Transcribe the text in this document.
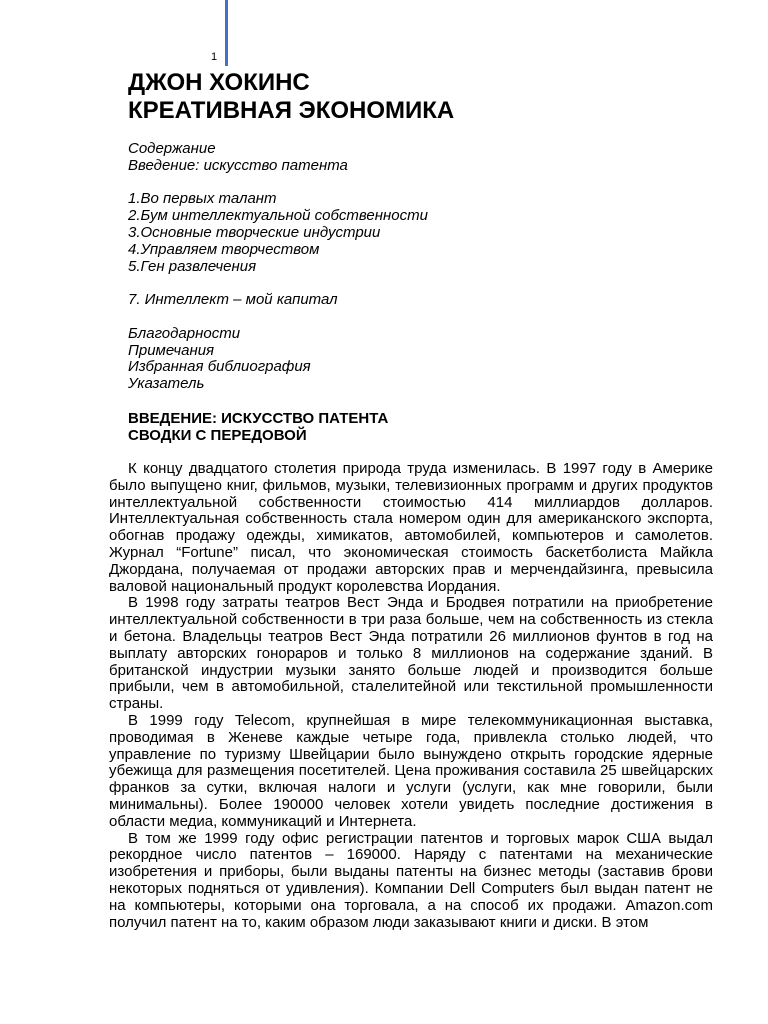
1
ДЖОН ХОКИНС
КРЕАТИВНАЯ ЭКОНОМИКА
Содержание
Введение: искусство патента
1.Во первых талант
2.Бум интеллектуальной собственности
3.Основные творческие индустрии
4.Управляем творчеством
5.Ген развлечения
7. Интеллект – мой капитал
Благодарности
Примечания
Избранная библиография
Указатель
ВВЕДЕНИЕ: ИСКУССТВО ПАТЕНТА
СВОДКИ С ПЕРЕДОВОЙ

К концу двадцатого столетия природа труда изменилась. В 1997 году в Америке было выпущено книг, фильмов, музыки, телевизионных программ и других продуктов интеллектуальной собственности стоимостью 414 миллиардов долларов. Интеллектуальная собственность стала номером один для американского экспорта, обогнав продажу одежды, химикатов, автомобилей, компьютеров и самолетов. Журнал “Fortune” писал, что экономическая стоимость баскетболиста Майкла Джордана, получаемая от продажи авторских прав и мерчендайзинга, превысила валовой национальный продукт королевства Иордания.

В 1998 году затраты театров Вест Энда и Бродвея потратили на приобретение интеллектуальной собственности в три раза больше, чем на собственность из стекла и бетона. Владельцы театров Вест Энда потратили 26 миллионов фунтов в год на выплату авторских гонораров и только 8 миллионов на содержание зданий. В британской индустрии музыки занято больше людей и производится больше прибыли, чем в автомобильной, сталелитейной или текстильной промышленности страны.

В 1999 году Telecom, крупнейшая в мире телекоммуникационная выставка, проводимая в Женеве каждые четыре года, привлекла столько людей, что управление по туризму Швейцарии было вынуждено открыть городские ядерные убежища для размещения посетителей. Цена проживания составила 25 швейцарских франков за сутки, включая налоги и услуги (услуги, как мне говорили, были минимальны). Более 190000 человек хотели увидеть последние достижения в области медиа, коммуникаций и Интернета.

В том же 1999 году офис регистрации патентов и торговых марок США выдал рекордное число патентов – 169000. Наряду с патентами на механические изобретения и приборы, были выданы патенты на бизнес методы (заставив брови некоторых подняться от удивления). Компании Dell Computers был выдан патент не на компьютеры, которыми она торговала, а на способ их продажи. Amazon.com получил патент на то, каким образом люди заказывают книги и диски. В этом
